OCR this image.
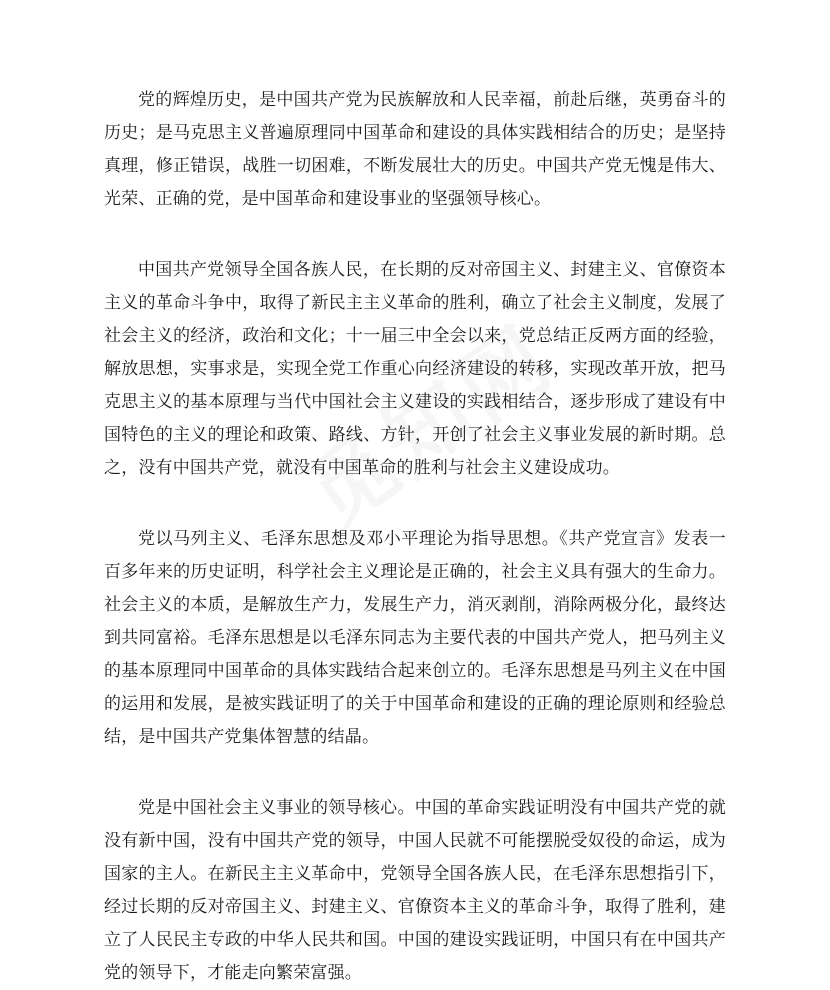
党的辉煌历史，是中国共产党为民族解放和人民幸福，前赴后继，英勇奋斗的历史；是马克思主义普遍原理同中国革命和建设的具体实践相结合的历史；是坚持真理，修正错误，战胜一切困难，不断发展壮大的历史。中国共产党无愧是伟大、光荣、正确的党，是中国革命和建设事业的坚强领导核心。

中国共产党领导全国各族人民，在长期的反对帝国主义、封建主义、官僚资本主义的革命斗争中，取得了新民主主义革命的胜利，确立了社会主义制度，发展了社会主义的经济，政治和文化；十一届三中全会以来，党总结正反两方面的经验，解放思想，实事求是，实现全党工作重心向经济建设的转移，实现改革开放，把马克思主义的基本原理与当代中国社会主义建设的实践相结合，逐步形成了建设有中国特色的主义的理论和政策、路线、方针，开创了社会主义事业发展的新时期。总之，没有中国共产党，就没有中国革命的胜利与社会主义建设成功。

党以马列主义、毛泽东思想及邓小平理论为指导思想。《共产党宣言》发表一百多年来的历史证明，科学社会主义理论是正确的，社会主义具有强大的生命力。社会主义的本质，是解放生产力，发展生产力，消灭剥削，消除两极分化，最终达到共同富裕。毛泽东思想是以毛泽东同志为主要代表的中国共产党人，把马列主义的基本原理同中国革命的具体实践结合起来创立的。毛泽东思想是马列主义在中国的运用和发展，是被实践证明了的关于中国革命和建设的正确的理论原则和经验总结，是中国共产党集体智慧的结晶。

党是中国社会主义事业的领导核心。中国的革命实践证明没有中国共产党的就没有新中国，没有中国共产党的领导，中国人民就不可能摆脱受奴役的命运，成为国家的主人。在新民主主义革命中，党领导全国各族人民，在毛泽东思想指引下，经过长期的反对帝国主义、封建主义、官僚资本主义的革命斗争，取得了胜利，建立了人民民主专政的中华人民共和国。中国的建设实践证明，中国只有在中国共产党的领导下，才能走向繁荣富强。
